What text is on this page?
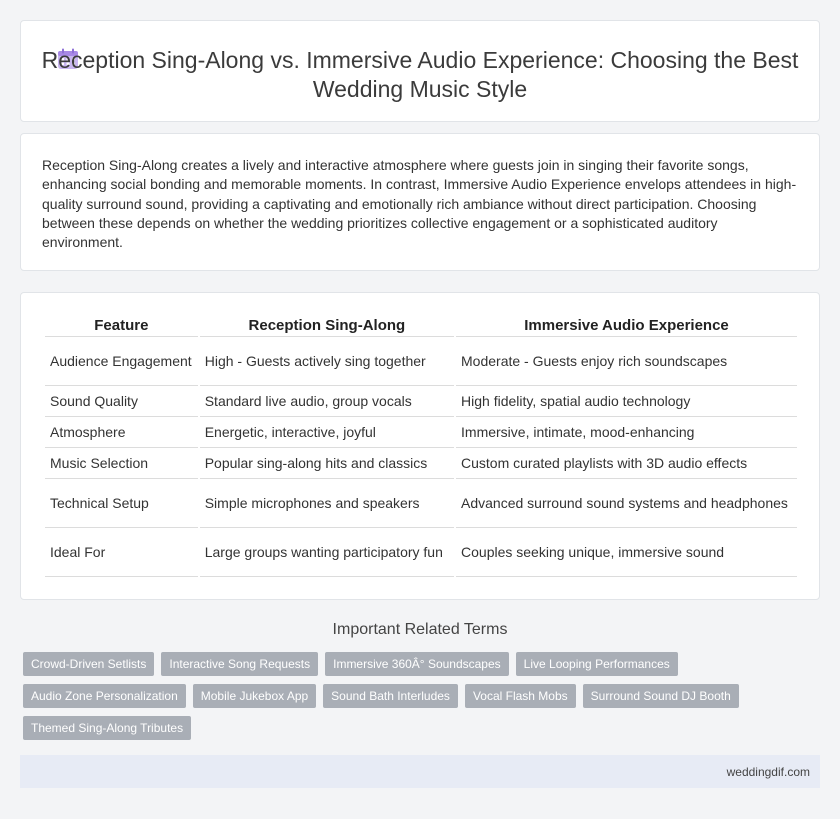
Reception Sing-Along vs. Immersive Audio Experience: Choosing the Best Wedding Music Style

Reception Sing-Along creates a lively and interactive atmosphere where guests join in singing their favorite songs, enhancing social bonding and memorable moments. In contrast, Immersive Audio Experience envelops attendees in high-quality surround sound, providing a captivating and emotionally rich ambiance without direct participation. Choosing between these depends on whether the wedding prioritizes collective engagement or a sophisticated auditory environment.

Feature	Reception Sing-Along	Immersive Audio Experience
Audience Engagement	High - Guests actively sing together	Moderate - Guests enjoy rich soundscapes
Sound Quality	Standard live audio, group vocals	High fidelity, spatial audio technology
Atmosphere	Energetic, interactive, joyful	Immersive, intimate, mood-enhancing
Music Selection	Popular sing-along hits and classics	Custom curated playlists with 3D audio effects
Technical Setup	Simple microphones and speakers	Advanced surround sound systems and headphones
Ideal For	Large groups wanting participatory fun	Couples seeking unique, immersive sound
Important Related Terms
Crowd-Driven Setlists	Interactive Song Requests	Immersive 360Â° Soundscapes	Live Looping Performances
Audio Zone Personalization	Mobile Jukebox App	Sound Bath Interludes	Vocal Flash Mobs	Surround Sound DJ Booth
Themed Sing-Along Tributes
weddingdif.com
